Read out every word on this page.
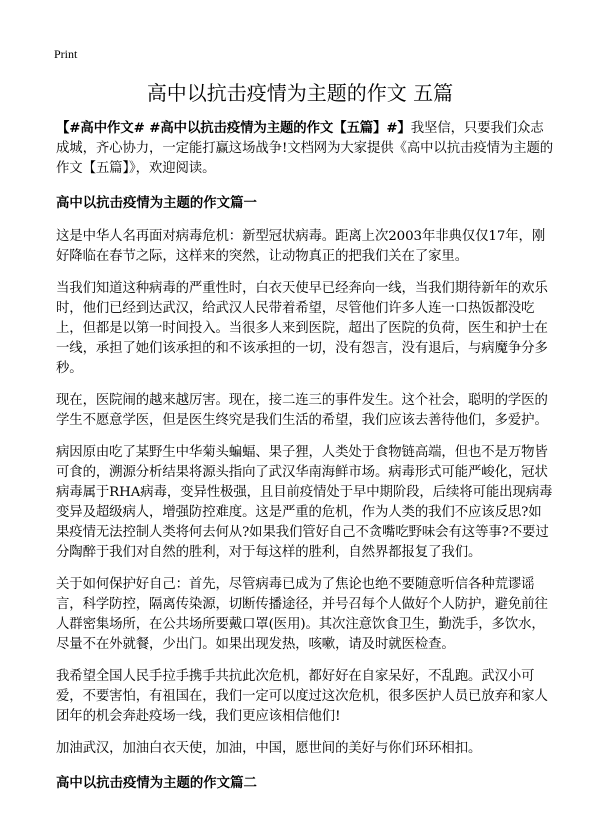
Print
高中以抗击疫情为主题的作文 五篇

【#高中作文# #高中以抗击疫情为主题的作文【五篇】#】我坚信，只要我们众志成城，齐心协力，一定能打赢这场战争!文档网为大家提供《高中以抗击疫情为主题的作文【五篇】》，欢迎阅读。

高中以抗击疫情为主题的作文篇一

这是中华人名再面对病毒危机：新型冠状病毒。距离上次2003年非典仅仅17年，刚好降临在春节之际，这样来的突然，让动物真正的把我们关在了家里。

当我们知道这种病毒的严重性时，白衣天使早已经奔向一线，当我们期待新年的欢乐时，他们已经到达武汉，给武汉人民带着希望，尽管他们许多人连一口热饭都没吃上，但都是以第一时间投入。当很多人来到医院，超出了医院的负荷，医生和护士在一线，承担了她们该承担的和不该承担的一切，没有怨言，没有退后，与病魔争分多秒。

现在，医院闹的越来越厉害。现在，接二连三的事件发生。这个社会，聪明的学医的学生不愿意学医，但是医生终究是我们生活的希望，我们应该去善待他们，多爱护。

病因原由吃了某野生中华菊头蝙蝠、果子狸，人类处于食物链高端，但也不是万物皆可食的，溯源分析结果将源头指向了武汉华南海鲜市场。病毒形式可能严峻化，冠状病毒属于RHA病毒，变异性极强，且目前疫情处于早中期阶段，后续将可能出现病毒变异及超级病人，增强防控难度。这是严重的危机，作为人类的我们不应该反思?如果疫情无法控制人类将何去何从?如果我们管好自己不贪嘴吃野味会有这等事?不要过分陶醉于我们对自然的胜利，对于每这样的胜利，自然界都报复了我们。

关于如何保护好自己：首先，尽管病毒已成为了焦论也绝不要随意听信各种荒谬谣言，科学防控，隔离传染源，切断传播途径，并号召每个人做好个人防护，避免前往人群密集场所，在公共场所要戴口罩(医用)。其次注意饮食卫生，勤洗手，多饮水，尽量不在外就餐，少出门。如果出现发热，咳嗽，请及时就医检查。

我希望全国人民手拉手携手共抗此次危机，都好好在自家呆好，不乱跑。武汉小可爱，不要害怕，有祖国在，我们一定可以度过这次危机，很多医护人员已放弃和家人团年的机会奔赴疫场一线，我们更应该相信他们!

加油武汉，加油白衣天使，加油，中国，愿世间的美好与你们环环相扣。

高中以抗击疫情为主题的作文篇二
